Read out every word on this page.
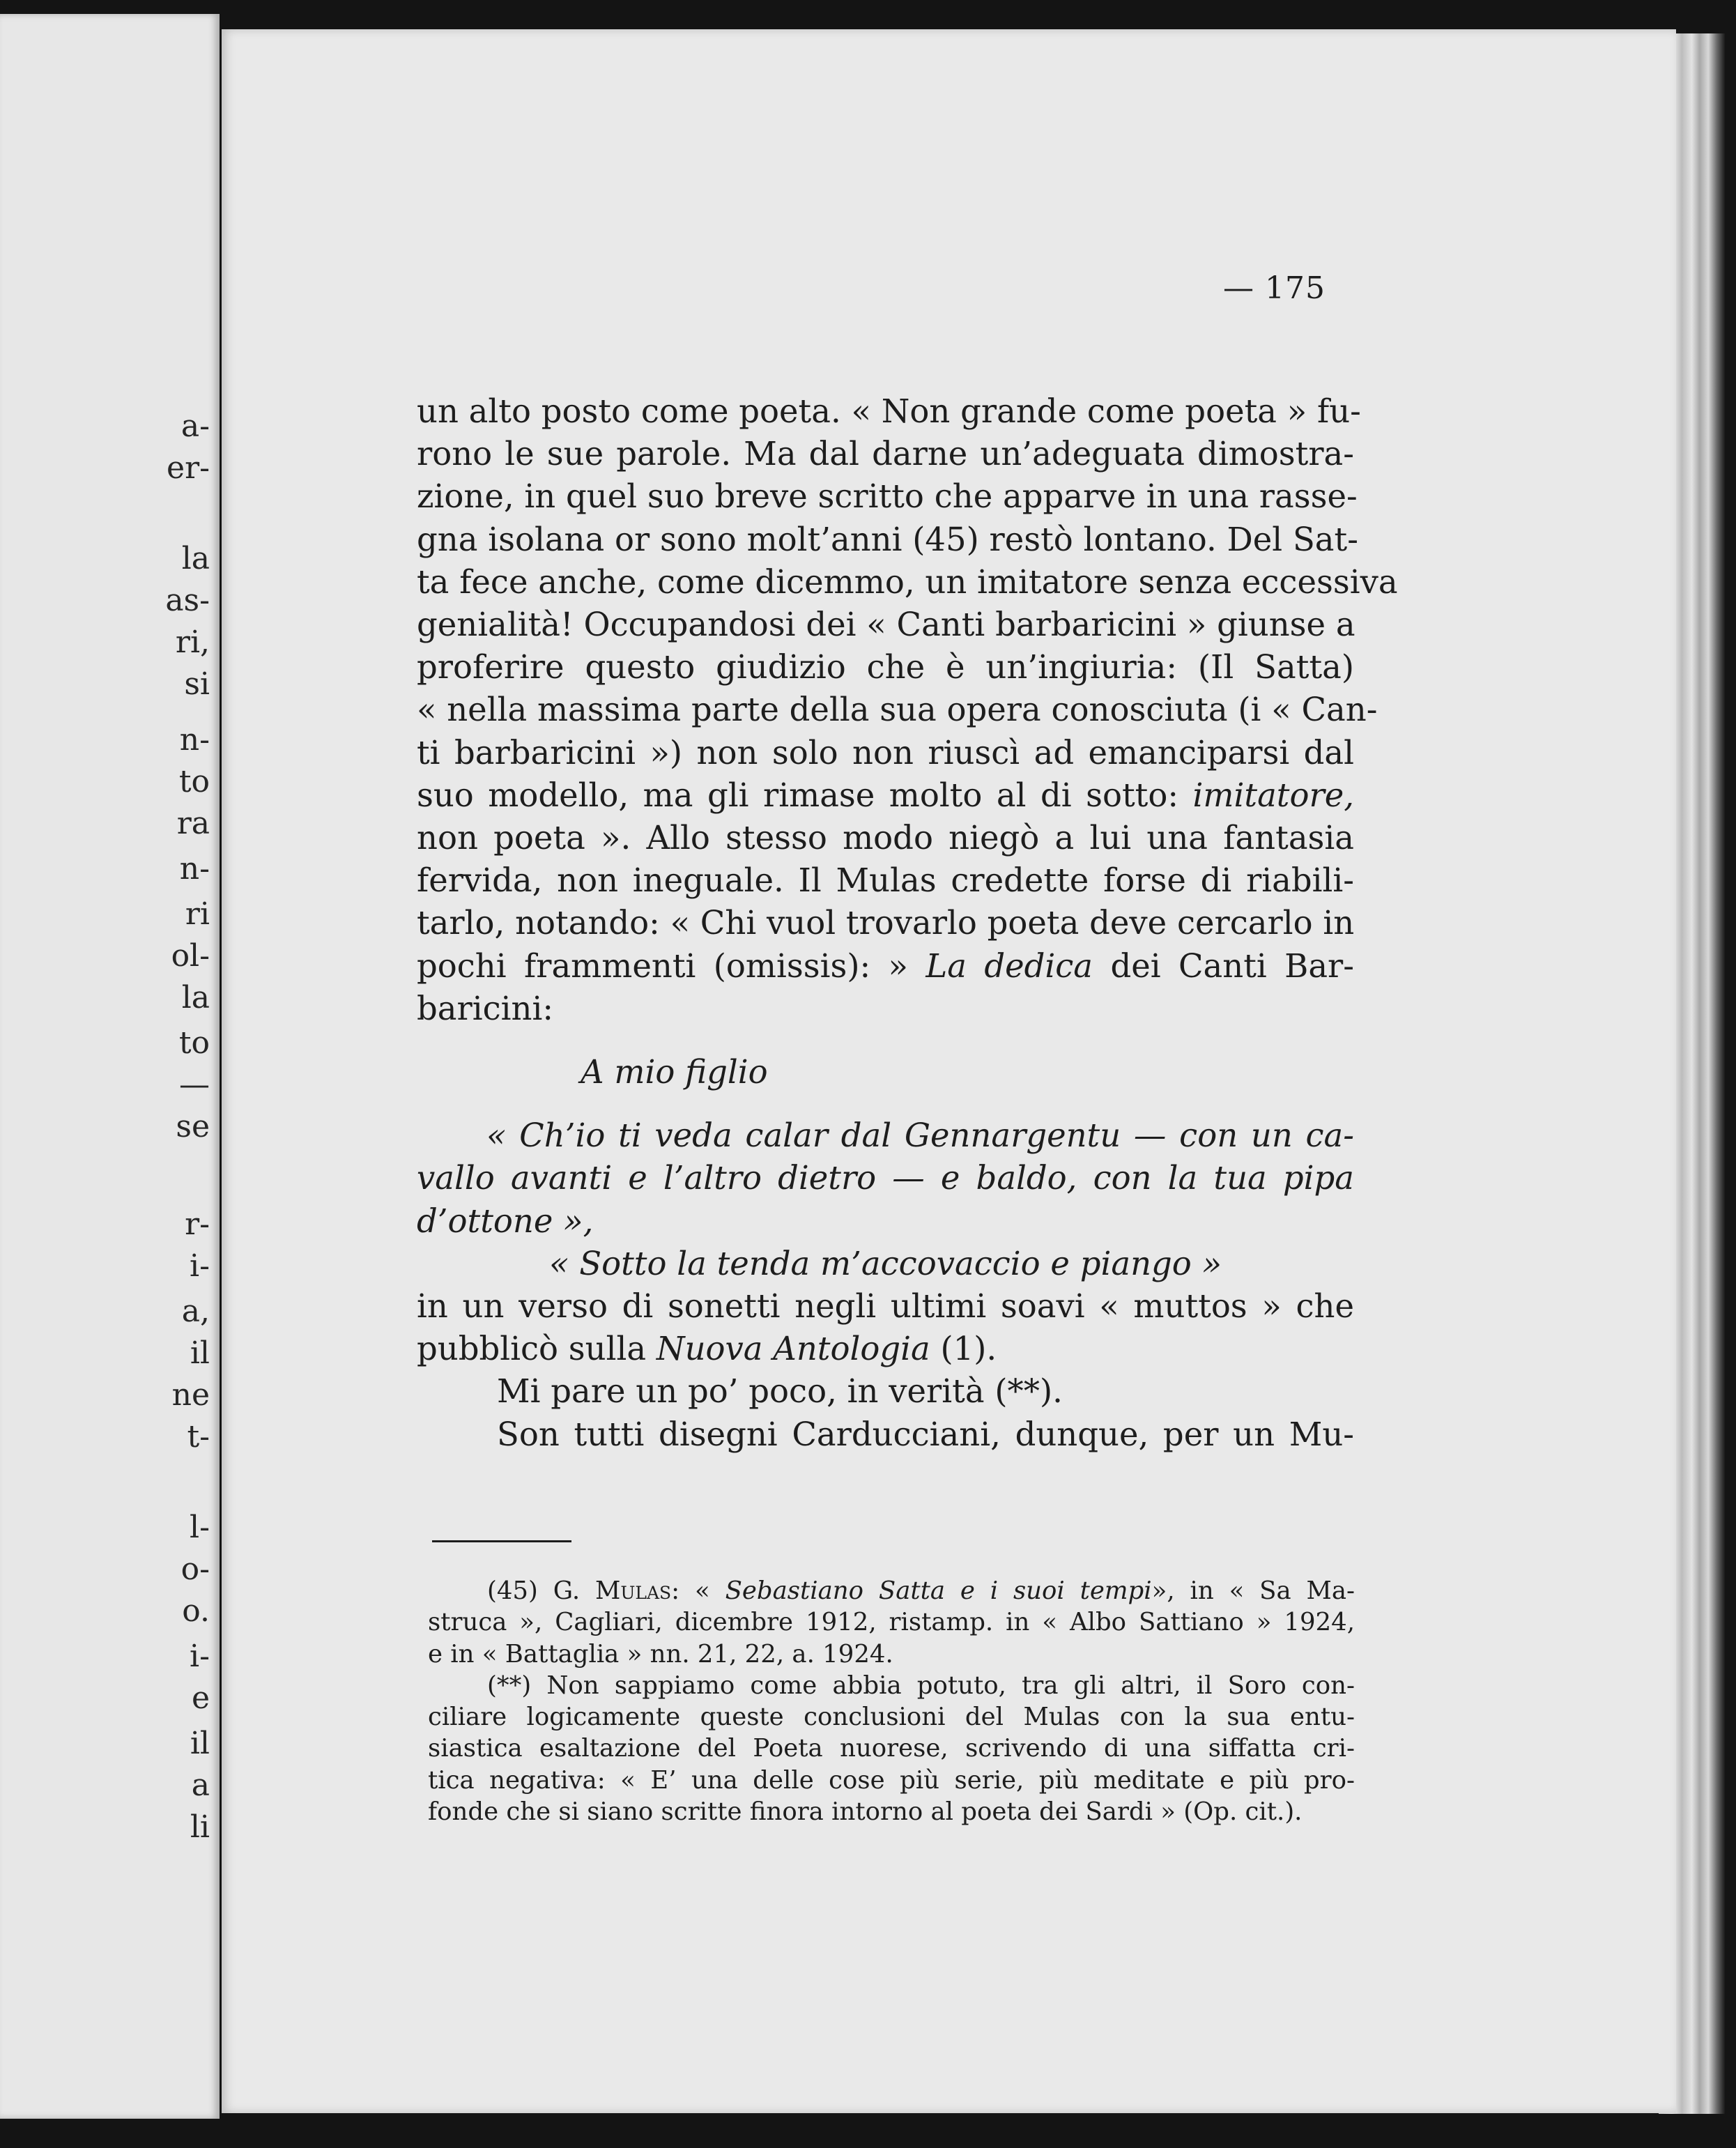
a-
er-
la
as-
ri,
si
n-
to
ra
n-
ri
ol-
la
to
—
se
r-
i-
a,
il
ne
t-
l-
o-
o.
i-
e
il
a
li
— 175
un alto posto come poeta. « Non grande come poeta » fu-
rono le sue parole. Ma dal darne un’adeguata dimostra-
zione, in quel suo breve scritto che apparve in una rasse-
gna isolana or sono molt’anni (45) restò lontano. Del Sat-
ta fece anche, come dicemmo, un imitatore senza eccessiva
genialità! Occupandosi dei « Canti barbaricini » giunse a
proferire questo giudizio che è un’ingiuria: (Il Satta)
« nella massima parte della sua opera conosciuta (i « Can-
ti barbaricini ») non solo non riuscì ad emanciparsi dal
suo modello, ma gli rimase molto al di sotto: imitatore,
non poeta ». Allo stesso modo niegò a lui una fantasia
fervida, non ineguale. Il Mulas credette forse di riabili-
tarlo, notando: « Chi vuol trovarlo poeta deve cercarlo in
pochi frammenti (omissis): » La dedica dei Canti Bar-
baricini:
A mio figlio
« Ch’io ti veda calar dal Gennargentu — con un ca-
vallo avanti e l’altro dietro — e baldo, con la tua pipa
d’ottone »,
« Sotto la tenda m’accovaccio e piango »
in un verso di sonetti negli ultimi soavi « muttos » che
pubblicò sulla Nuova Antologia (1).
Mi pare un po’ poco, in verità (**).
Son tutti disegni Carducciani, dunque, per un Mu-
(45) G. Mulas: « Sebastiano Satta e i suoi tempi», in « Sa Ma-
struca », Cagliari, dicembre 1912, ristamp. in « Albo Sattiano » 1924,
e in « Battaglia » nn. 21, 22, a. 1924.
(**) Non sappiamo come abbia potuto, tra gli altri, il Soro con-
ciliare logicamente queste conclusioni del Mulas con la sua entu-
siastica esaltazione del Poeta nuorese, scrivendo di una siffatta cri-
tica negativa: « E’ una delle cose più serie, più meditate e più pro-
fonde che si siano scritte finora intorno al poeta dei Sardi » (Op. cit.).
